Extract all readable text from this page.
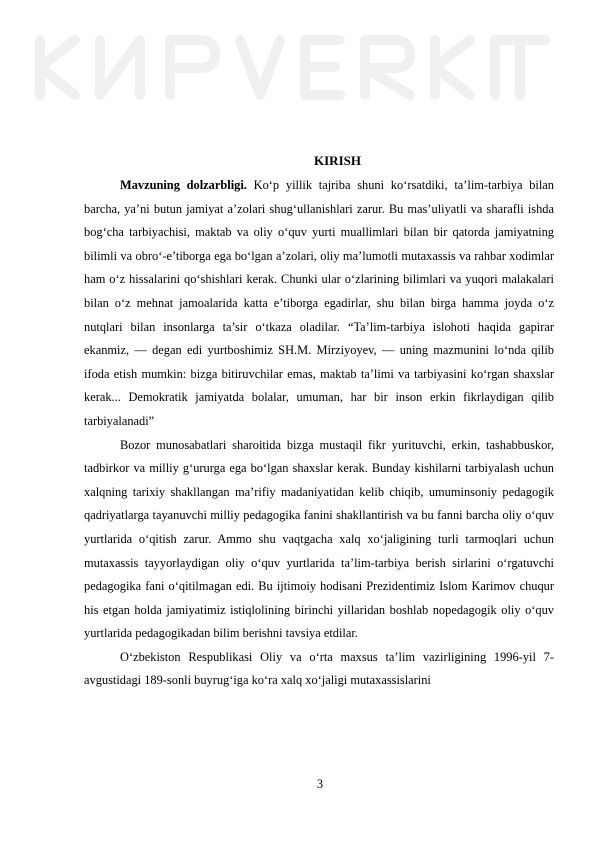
KIRISH

Mavzuning dolzarbligi. Ko‘p yillik tajriba shuni ko‘rsatdiki, ta’lim-tarbiya bilan barcha, ya’ni butun jamiyat a’zolari shug‘ullanishlari zarur. Bu mas’uliyatli va sharafli ishda bog‘cha tarbiyachisi, maktab va oliy o‘quv yurti muallimlari bilan bir qatorda jamiyatning bilimli va obro‘-e’tiborga ega bo‘lgan a’zolari, oliy ma’lumotli mutaxassis va rahbar xodimlar ham o‘z hissalarini qo‘shishlari kerak. Chunki ular o‘zlarining bilimlari va yuqori malakalari bilan o‘z mehnat jamoalarida katta e’tiborga egadirlar, shu bilan birga hamma joyda o‘z nutqlari bilan insonlarga ta’sir o‘tkaza oladilar. “Ta’lim-tarbiya islohoti haqida gapirar ekanmiz, — degan edi yurtboshimiz SH.M. Mirziyoyev, — uning mazmunini lo‘nda qilib ifoda etish mumkin: bizga bitiruvchilar emas, maktab ta’limi va tarbiyasini ko‘rgan shaxslar kerak... Demokratik jamiyatda bolalar, umuman, har bir inson erkin fikrlaydigan qilib tarbiyalanadi”

Bozor munosabatlari sharoitida bizga mustaqil fikr yurituvchi, erkin, tashabbuskor, tadbirkor va milliy g‘ururga ega bo‘lgan shaxslar kerak. Bunday kishilarni tarbiyalash uchun xalqning tarixiy shakllangan ma’rifiy madaniyatidan kelib chiqib, umuminsoniy pedagogik qadriyatlarga tayanuvchi milliy pedagogika fanini shakllantirish va bu fanni barcha oliy o‘quv yurtlarida o‘qitish zarur. Ammo shu vaqtgacha xalq xo‘jaligining turli tarmoqlari uchun mutaxassis tayyorlaydigan oliy o‘quv yurtlarida ta’lim-tarbiya berish sirlarini o‘rgatuvchi pedagogika fani o‘qitilmagan edi. Bu ijtimoiy hodisani Prezidentimiz Islom Karimov chuqur his etgan holda jamiyatimiz istiqlolining birinchi yillaridan boshlab nopedagogik oliy o‘quv yurtlarida pedagogikadan bilim berishni tavsiya etdilar.

O‘zbekiston Respublikasi Oliy va o‘rta maxsus ta’lim vazirligining 1996-yil 7-avgustidagi 189-sonli buyrug‘iga ko‘ra xalq xo‘jaligi mutaxassislarini

3
